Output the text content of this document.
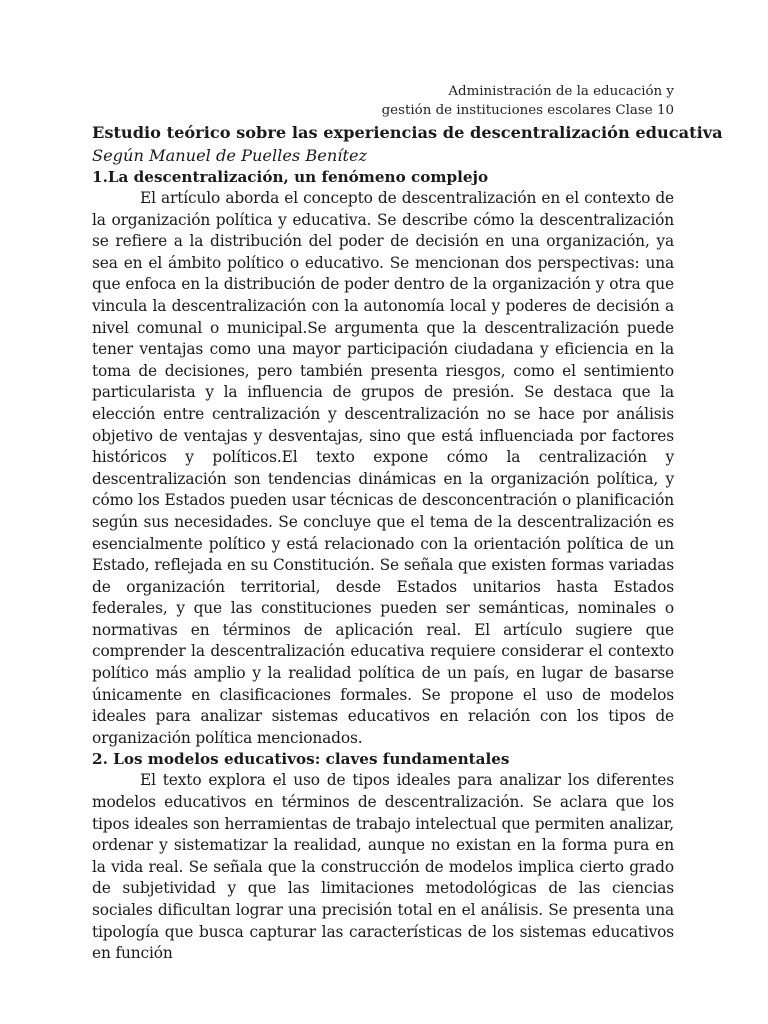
Administración de la educación y
gestión de instituciones escolares Clase 10
Estudio teórico sobre las experiencias de descentralización educativa
Según Manuel de Puelles Benítez
1.La descentralización, un fenómeno complejo

El artículo aborda el concepto de descentralización en el contexto de la organización política y educativa. Se describe cómo la descentralización se refiere a la distribución del poder de decisión en una organización, ya sea en el ámbito político o educativo. Se mencionan dos perspectivas: una que enfoca en la distribución de poder dentro de la organización y otra que vincula la descentralización con la autonomía local y poderes de decisión a nivel comunal o municipal.Se argumenta que la descentralización puede tener ventajas como una mayor participación ciudadana y eficiencia en la toma de decisiones, pero también presenta riesgos, como el sentimiento particularista y la influencia de grupos de presión. Se destaca que la elección entre centralización y descentralización no se hace por análisis objetivo de ventajas y desventajas, sino que está influenciada por factores históricos y políticos.El texto expone cómo la centralización y descentralización son tendencias dinámicas en la organización política, y cómo los Estados pueden usar técnicas de desconcentración o planificación según sus necesidades. Se concluye que el tema de la descentralización es esencialmente político y está relacionado con la orientación política de un Estado, reflejada en su Constitución. Se señala que existen formas variadas de organización territorial, desde Estados unitarios hasta Estados federales, y que las constituciones pueden ser semánticas, nominales o normativas en términos de aplicación real. El artículo sugiere que comprender la descentralización educativa requiere considerar el contexto político más amplio y la realidad política de un país, en lugar de basarse únicamente en clasificaciones formales. Se propone el uso de modelos ideales para analizar sistemas educativos en relación con los tipos de organización política mencionados.

2. Los modelos educativos: claves fundamentales

El texto explora el uso de tipos ideales para analizar los diferentes modelos educativos en términos de descentralización. Se aclara que los tipos ideales son herramientas de trabajo intelectual que permiten analizar, ordenar y sistematizar la realidad, aunque no existan en la forma pura en la vida real. Se señala que la construcción de modelos implica cierto grado de subjetividad y que las limitaciones metodológicas de las ciencias sociales dificultan lograr una precisión total en el análisis. Se presenta una tipología que busca capturar las características de los sistemas educativos en función
